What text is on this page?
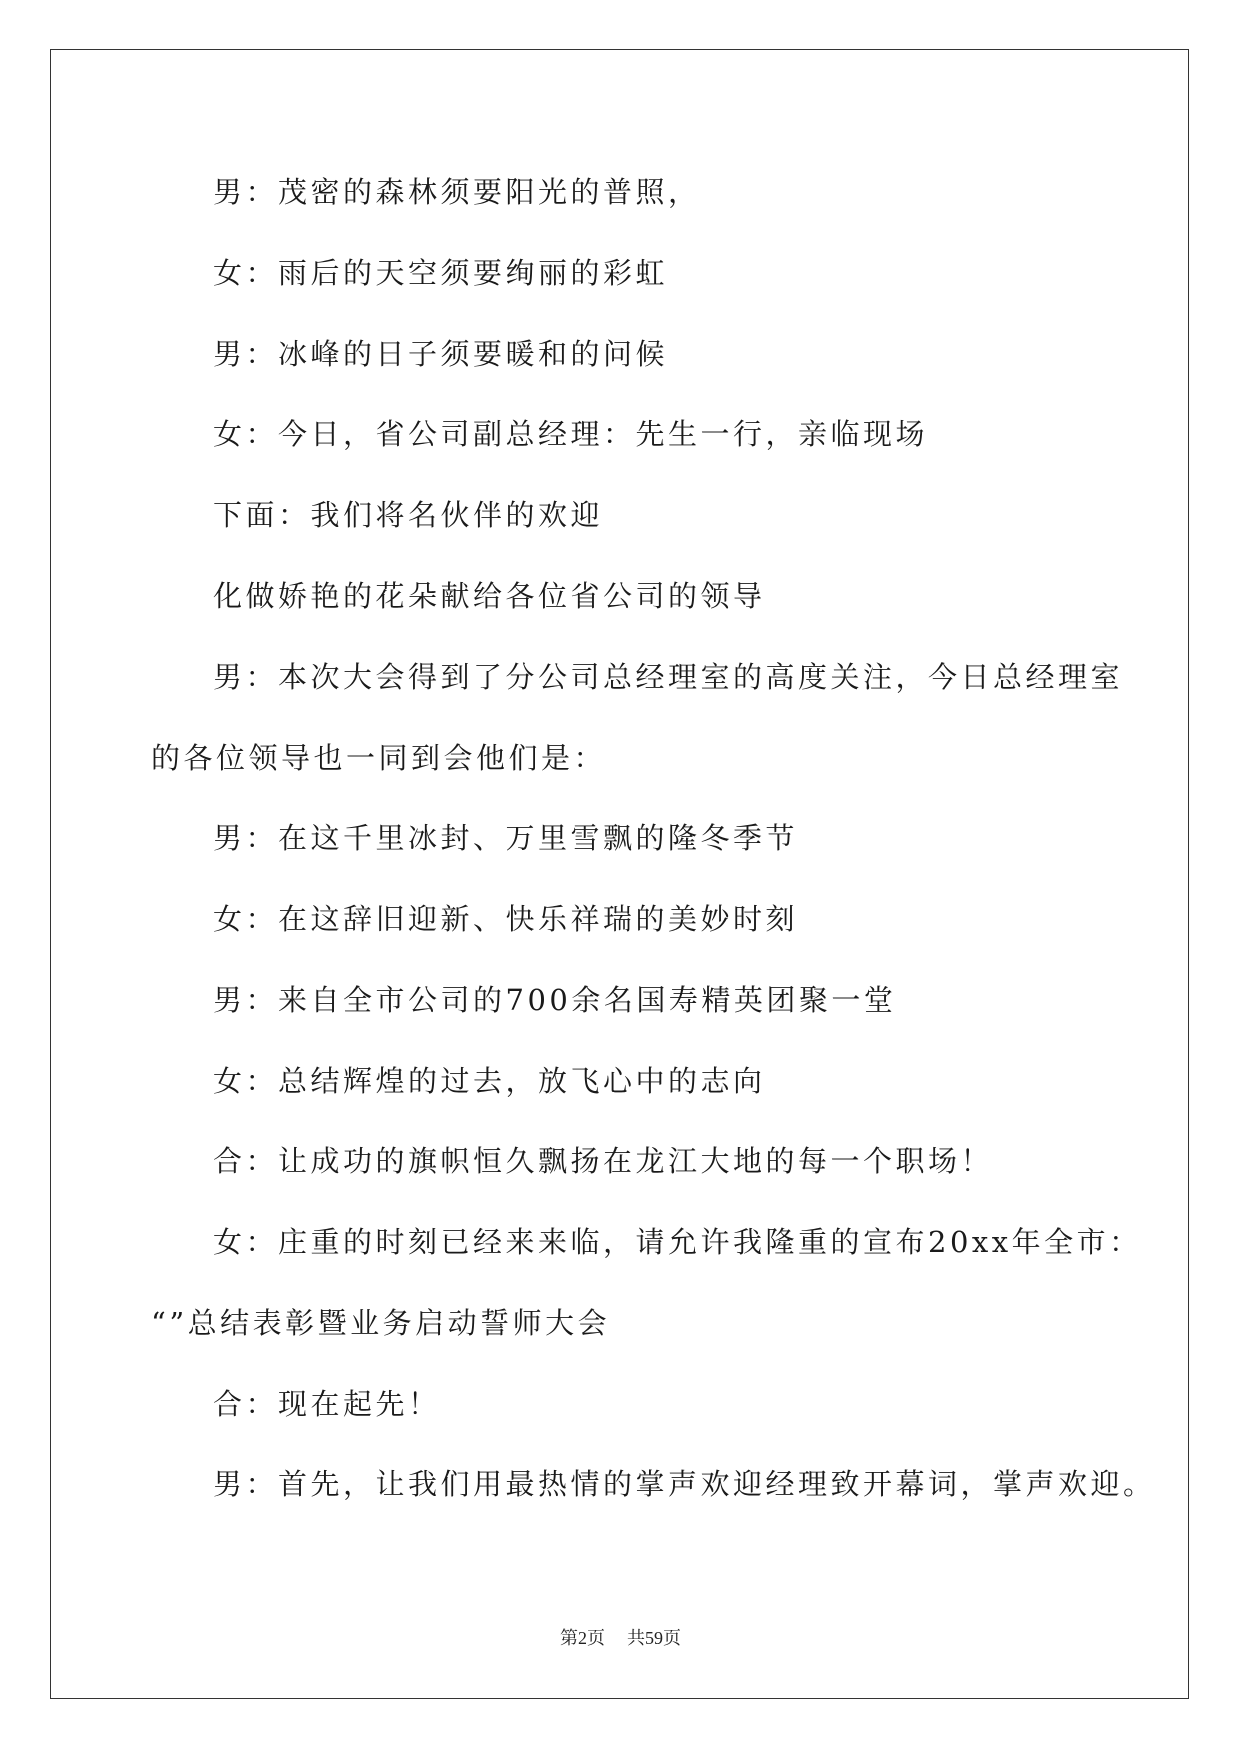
男：茂密的森林须要阳光的普照，
女：雨后的天空须要绚丽的彩虹
男：冰峰的日子须要暖和的问候
女：今日，省公司副总经理：先生一行，亲临现场
下面：我们将名伙伴的欢迎
化做娇艳的花朵献给各位省公司的领导
男：本次大会得到了分公司总经理室的高度关注，今日总经理室
的各位领导也一同到会他们是：
男：在这千里冰封、万里雪飘的隆冬季节
女：在这辞旧迎新、快乐祥瑞的美妙时刻
男：来自全市公司的700余名国寿精英团聚一堂
女：总结辉煌的过去，放飞心中的志向
合：让成功的旗帜恒久飘扬在龙江大地的每一个职场！
女：庄重的时刻已经来来临，请允许我隆重的宣布20xx年全市：
“”总结表彰暨业务启动誓师大会
合：现在起先！
男：首先，让我们用最热情的掌声欢迎经理致开幕词，掌声欢迎。
第2页 共59页
